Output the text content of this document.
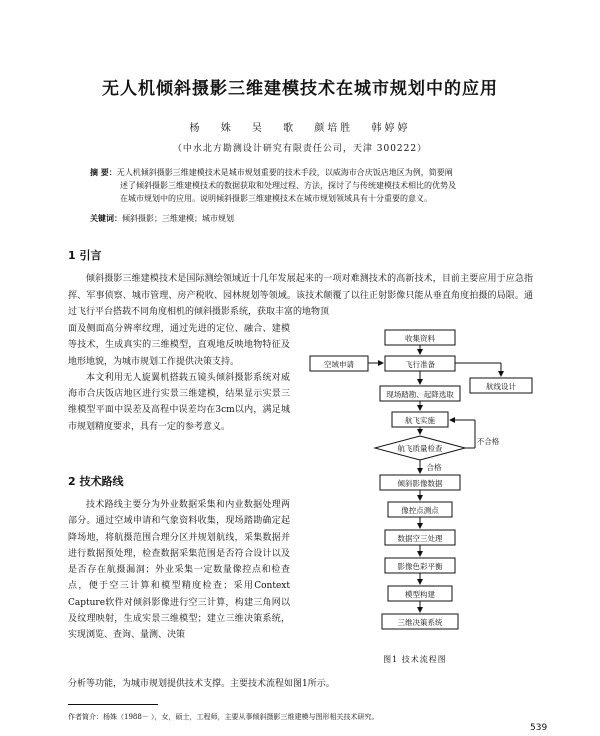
无人机倾斜摄影三维建模技术在城市规划中的应用
杨 姝 吴 歌 颜培胜 韩婷婷
（中水北方勘测设计研究有限责任公司，天津 300222）
摘 要：无人机倾斜摄影三维建模技术是城市规划重要的技术手段，以威海市合庆饭店地区为例，简要阐
述了倾斜摄影三维建模技术的数据获取和处理过程、方法，探讨了与传统建模技术相比的优势及
在城市规划中的应用。说明倾斜摄影三维建模技术在城市规划领域具有十分重要的意义。
关键词：倾斜摄影；三维建模；城市规划
1 引言

倾斜摄影三维建模技术是国际测绘领域近十几年发展起来的一项对难测技术的高新技术，目前主要应用于应急指挥、军事侦察、城市管理、房产税收、园林规划等领域。该技术颠覆了以往正射影像只能从垂直角度拍摄的局限。通过飞行平台搭载不同角度相机的倾斜摄影系统，获取丰富的地物顶

面及侧面高分辨率纹理，通过先进的定位、融合、建模等技术，生成真实的三维模型，直观地反映地物特征及地形地貌，为城市规划工作提供决策支持。

本文利用无人旋翼机搭载五镜头倾斜摄影系统对威海市合庆饭店地区进行实景三维建模，结果显示实景三维模型平面中误差及高程中误差均在3cm以内，满足城市规划精度要求，具有一定的参考意义。

2 技术路线

技术路线主要分为外业数据采集和内业数据处理两部分。通过空域申请和气象资料收集，现场踏勘确定起降场地，将航摄范围合理分区并规划航线，采集数据并进行数据预处理，检查数据采集范围是否符合设计以及是否存在航摄漏洞；外业采集一定数量像控点和检查点，便于空三计算和模型精度检查；采用Context Capture软件对倾斜影像进行空三计算，构建三角网以及纹理映射，生成实景三维模型；建立三维决策系统，实现浏览、查询、量测、决策

分析等功能，为城市规划提供技术支撑。主要技术流程如图1所示。

收集资料
空域申请	飞行准备
航线设计
现场踏勘、起降选取
航飞实施
航飞质量检查
不合格
合格
倾斜影像数据
像控点测点
数据空三处理
影像色彩平衡
模型构建
三维决策系统
图1 技术流程图
作者简介：杨姝（1988－ ），女，硕士，工程师，主要从事倾斜摄影三维建模与图形相关技术研究。
539
